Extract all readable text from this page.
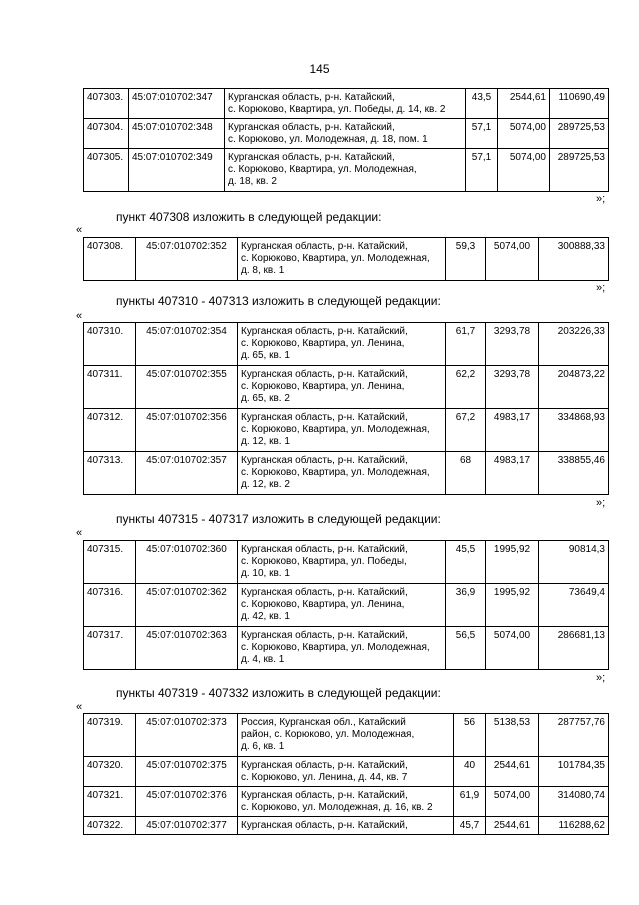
145
407303.	45:07:010702:347	Курганская область, р-н. Катайский,
с. Корюково, Квартира, ул. Победы, д. 14, кв. 2	43,5	2544,61	110690,49
407304.	45:07:010702:348	Курганская область, р-н. Катайский,
с. Корюково, ул. Молодежная, д. 18, пом. 1	57,1	5074,00	289725,53
407305.	45:07:010702:349	Курганская область, р-н. Катайский,
с. Корюково, Квартира, ул. Молодежная,
д. 18, кв. 2	57,1	5074,00	289725,53
»;
пункт 407308 изложить в следующей редакции:
«
407308.	45:07:010702:352	Курганская область, р-н. Катайский,
с. Корюково, Квартира, ул. Молодежная,
д. 8, кв. 1	59,3	5074,00	300888,33
»;
пункты 407310 - 407313 изложить в следующей редакции:
«
407310.	45:07:010702:354	Курганская область, р-н. Катайский,
с. Корюково, Квартира, ул. Ленина,
д. 65, кв. 1	61,7	3293,78	203226,33
407311.	45:07:010702:355	Курганская область, р-н. Катайский,
с. Корюково, Квартира, ул. Ленина,
д. 65, кв. 2	62,2	3293,78	204873,22
407312.	45:07:010702:356	Курганская область, р-н. Катайский,
с. Корюково, Квартира, ул. Молодежная,
д. 12, кв. 1	67,2	4983,17	334868,93
407313.	45:07:010702:357	Курганская область, р-н. Катайский,
с. Корюково, Квартира, ул. Молодежная,
д. 12, кв. 2	68	4983,17	338855,46
»;
пункты 407315 - 407317 изложить в следующей редакции:
«
407315.	45:07:010702:360	Курганская область, р-н. Катайский,
с. Корюково, Квартира, ул. Победы,
д. 10, кв. 1	45,5	1995,92	90814,3
407316.	45:07:010702:362	Курганская область, р-н. Катайский,
с. Корюково, Квартира, ул. Ленина,
д. 42, кв. 1	36,9	1995,92	73649,4
407317.	45:07:010702:363	Курганская область, р-н. Катайский,
с. Корюково, Квартира, ул. Молодежная,
д. 4, кв. 1	56,5	5074,00	286681,13
»;
пункты 407319 - 407332 изложить в следующей редакции:
«
407319.	45:07:010702:373	Россия, Курганская обл., Катайский
район, с. Корюково, ул. Молодежная,
д. 6, кв. 1	56	5138,53	287757,76
407320.	45:07:010702:375	Курганская область, р-н. Катайский,
с. Корюково, ул. Ленина, д. 44, кв. 7	40	2544,61	101784,35
407321.	45:07:010702:376	Курганская область, р-н. Катайский,
с. Корюково, ул. Молодежная, д. 16, кв. 2	61,9	5074,00	314080,74
407322.	45:07:010702:377	Курганская область, р-н. Катайский,	45,7	2544,61	116288,62
